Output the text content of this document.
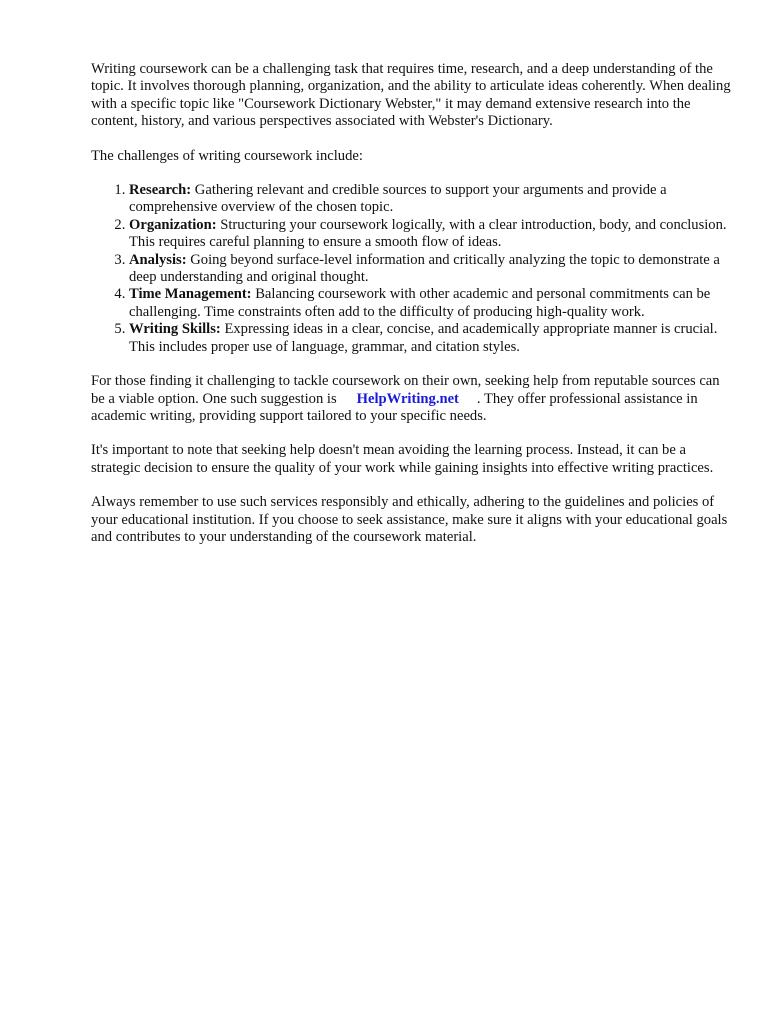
Writing coursework can be a challenging task that requires time, research, and a deep understanding of the topic. It involves thorough planning, organization, and the ability to articulate ideas coherently. When dealing with a specific topic like "Coursework Dictionary Webster," it may demand extensive research into the content, history, and various perspectives associated with Webster's Dictionary.

The challenges of writing coursework include:

1. Research: Gathering relevant and credible sources to support your arguments and provide a comprehensive overview of the chosen topic.
2. Organization: Structuring your coursework logically, with a clear introduction, body, and conclusion. This requires careful planning to ensure a smooth flow of ideas.
3. Analysis: Going beyond surface-level information and critically analyzing the topic to demonstrate a deep understanding and original thought.
4. Time Management: Balancing coursework with other academic and personal commitments can be challenging. Time constraints often add to the difficulty of producing high-quality work.
5. Writing Skills: Expressing ideas in a clear, concise, and academically appropriate manner is crucial. This includes proper use of language, grammar, and citation styles.

For those finding it challenging to tackle coursework on their own, seeking help from reputable sources can be a viable option. One such suggestion is HelpWriting.net . They offer professional assistance in academic writing, providing support tailored to your specific needs.

It's important to note that seeking help doesn't mean avoiding the learning process. Instead, it can be a strategic decision to ensure the quality of your work while gaining insights into effective writing practices.

Always remember to use such services responsibly and ethically, adhering to the guidelines and policies of your educational institution. If you choose to seek assistance, make sure it aligns with your educational goals and contributes to your understanding of the coursework material.
